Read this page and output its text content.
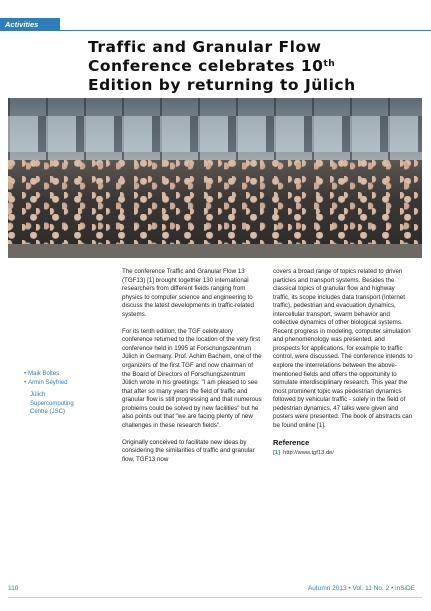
Activities
Traffic and Granular Flow
Conference celebrates 10th
Edition by returning to Jülich
• Maik Boltes
• Armin Seyfried
Jülich
Supercomputing
Centre (JSC)

The conference Traffic and Granular Flow 13 (TGF13) [1] brought together 130 international researchers from different fields ranging from physics to computer science and engineering to discuss the latest developments in traffic-related systems.

For its tenth edition, the TGF celebratory conference returned to the location of the very first conference held in 1995 at Forschungszentrum Jülich in Germany. Prof. Achim Bachem, one of the organizers of the first TGF and now chairman of the Board of Directors of Forschungszentrum Jülich wrote in his greetings: "I am pleased to see that after so many years the field of traffic and granular flow is still progressing and that numerous problems could be solved by new facilities" but he also points out that "we are facing plenty of new challenges in these research fields".

Originally conceived to facilitate new ideas by considering the similarities of traffic and granular flow, TGF13 now

covers a broad range of topics related to driven particles and transport systems. Besides the classical topics of granular flow and highway traffic, its scope includes data transport (Internet traffic), pedestrian and evacuation dynamics, intercellular transport, swarm behavior and collective dynamics of other biological systems. Recent progress in modeling, computer simulation and phenomenology was presented, and prospects for applications, for example to traffic control, were discussed. The conference intends to explore the interrelations between the above-mentioned fields and offers the opportunity to stimulate interdisciplinary research. This year the most prominent topic was pedestrian dynamics followed by vehicular traffic - solely in the field of pedestrian dynamics, 47 talks were given and posters were presented. The book of abstracts can be found online [1].

Reference
[1] http://www.tgf13.de/
110	Autumn 2013 • Vol. 11 No. 2 • inSiDE
